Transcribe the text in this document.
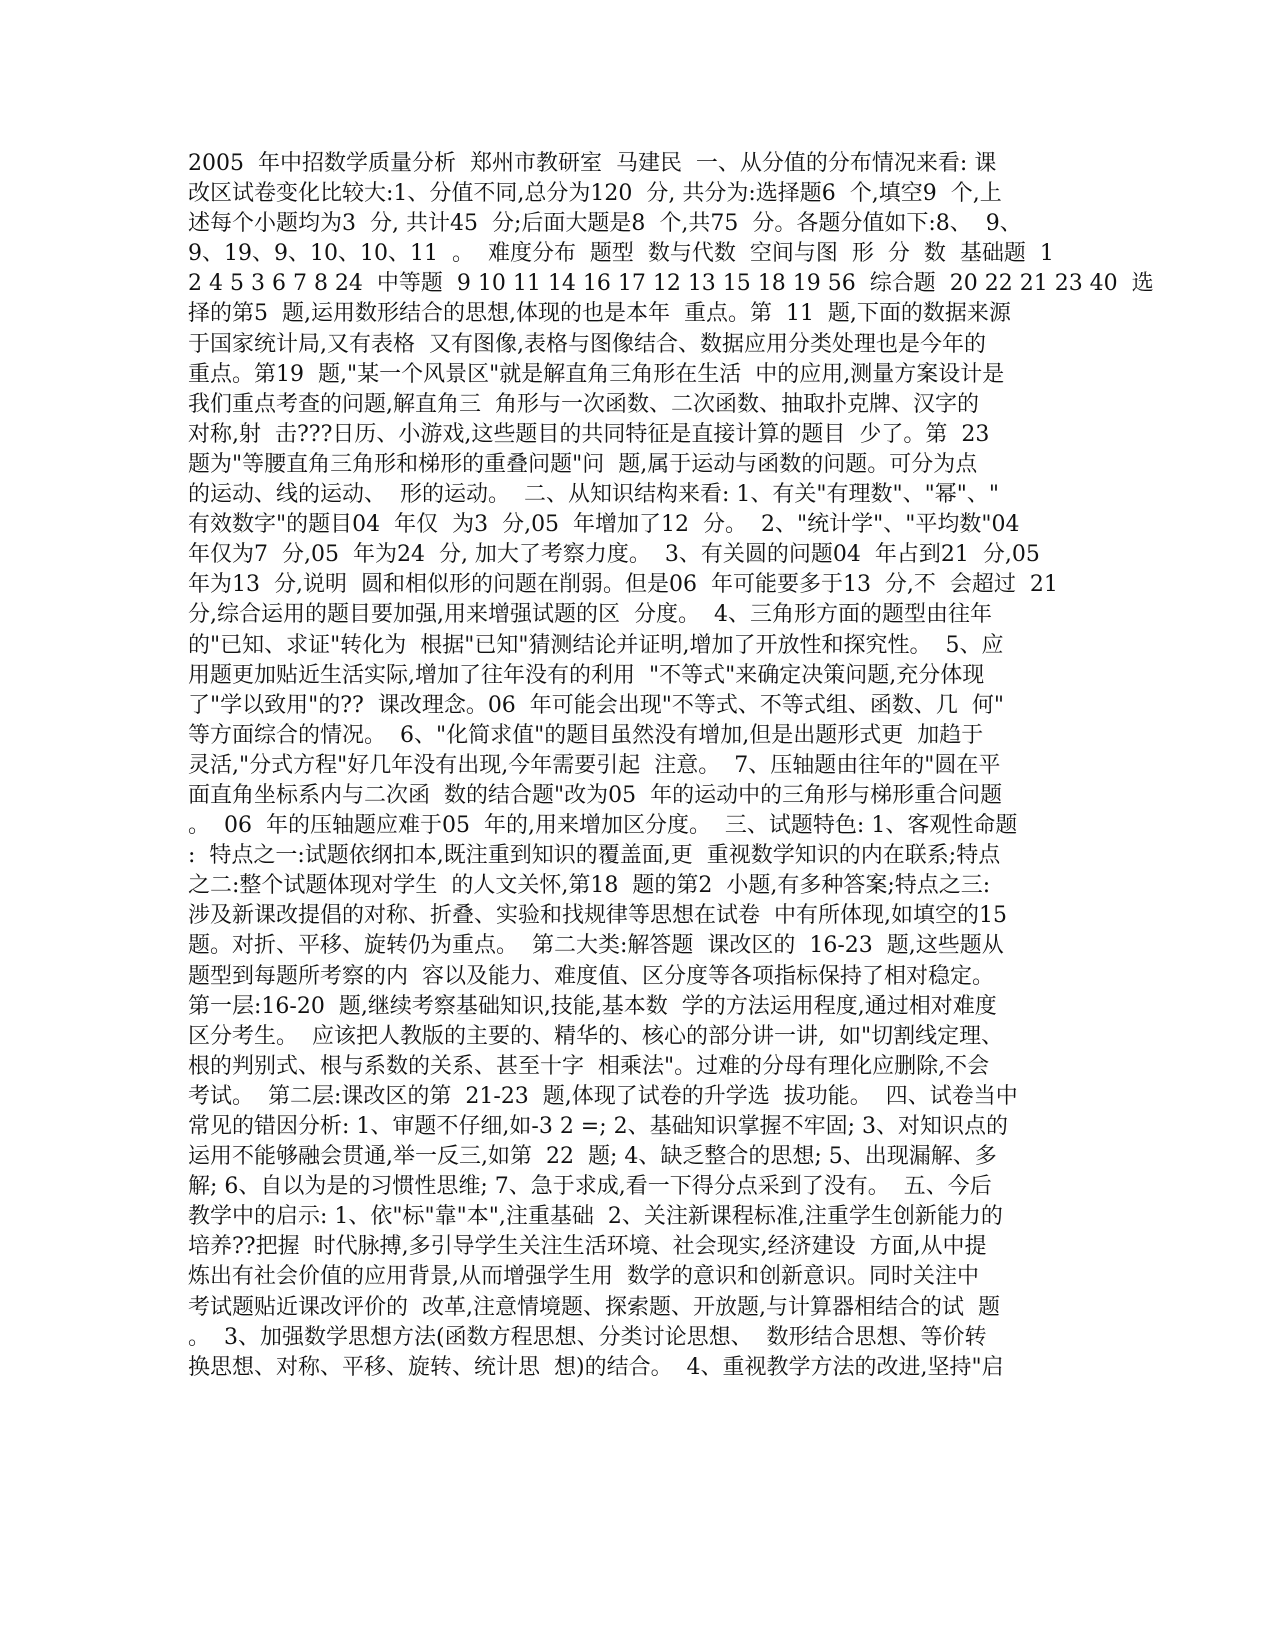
2005  年中招数学质量分析  郑州市教研室  马建民  一、从分值的分布情况来看: 课
改区试卷变化比较大:1、分值不同,总分为120  分, 共分为:选择题6  个,填空9  个,上
述每个小题均为3  分, 共计45  分;后面大题是8  个,共75  分。各题分值如下:8、  9、
9、19、9、10、10、11  。  难度分布  题型  数与代数  空间与图  形  分  数  基础题  1
2 4 5 3 6 7 8 24  中等题  9 10 11 14 16 17 12 13 15 18 19 56  综合题  20 22 21 23 40  选
择的第5  题,运用数形结合的思想,体现的也是本年  重点。第  11  题,下面的数据来源
于国家统计局,又有表格  又有图像,表格与图像结合、数据应用分类处理也是今年的
重点。第19  题,"某一个风景区"就是解直角三角形在生活  中的应用,测量方案设计是
我们重点考查的问题,解直角三  角形与一次函数、二次函数、抽取扑克牌、汉字的
对称,射  击???日历、小游戏,这些题目的共同特征是直接计算的题目  少了。第  23
题为"等腰直角三角形和梯形的重叠问题"问  题,属于运动与函数的问题。可分为点
的运动、线的运动、  形的运动。  二、从知识结构来看: 1、有关"有理数"、"幂"、"
有效数字"的题目04  年仅  为3  分,05  年增加了12  分。  2、"统计学"、"平均数"04
年仅为7  分,05  年为24  分, 加大了考察力度。  3、有关圆的问题04  年占到21  分,05
年为13  分,说明  圆和相似形的问题在削弱。但是06  年可能要多于13  分,不  会超过  21
分,综合运用的题目要加强,用来增强试题的区  分度。  4、三角形方面的题型由往年
的"已知、求证"转化为  根据"已知"猜测结论并证明,增加了开放性和探究性。  5、应
用题更加贴近生活实际,增加了往年没有的利用  "不等式"来确定决策问题,充分体现
了"学以致用"的??  课改理念。06  年可能会出现"不等式、不等式组、函数、几  何"
等方面综合的情况。  6、"化简求值"的题目虽然没有增加,但是出题形式更  加趋于
灵活,"分式方程"好几年没有出现,今年需要引起  注意。  7、压轴题由往年的"圆在平
面直角坐标系内与二次函  数的结合题"改为05  年的运动中的三角形与梯形重合问题
。  06  年的压轴题应难于05  年的,用来增加区分度。  三、试题特色: 1、客观性命题
:  特点之一:试题依纲扣本,既注重到知识的覆盖面,更  重视数学知识的内在联系;特点
之二:整个试题体现对学生  的人文关怀,第18  题的第2  小题,有多种答案;特点之三:
涉及新课改提倡的对称、折叠、实验和找规律等思想在试卷  中有所体现,如填空的15
题。对折、平移、旋转仍为重点。  第二大类:解答题  课改区的  16-23  题,这些题从
题型到每题所考察的内  容以及能力、难度值、区分度等各项指标保持了相对稳定。
第一层:16-20  题,继续考察基础知识,技能,基本数  学的方法运用程度,通过相对难度
区分考生。  应该把人教版的主要的、精华的、核心的部分讲一讲,  如"切割线定理、
根的判别式、根与系数的关系、甚至十字  相乘法"。过难的分母有理化应删除,不会
考试。  第二层:课改区的第  21-23  题,体现了试卷的升学选  拔功能。  四、试卷当中
常见的错因分析: 1、审题不仔细,如-3 2 =; 2、基础知识掌握不牢固; 3、对知识点的
运用不能够融会贯通,举一反三,如第  22  题; 4、缺乏整合的思想; 5、出现漏解、多
解; 6、自以为是的习惯性思维; 7、急于求成,看一下得分点采到了没有。  五、今后
教学中的启示: 1、依"标"靠"本",注重基础  2、关注新课程标准,注重学生创新能力的
培养??把握  时代脉搏,多引导学生关注生活环境、社会现实,经济建设  方面,从中提
炼出有社会价值的应用背景,从而增强学生用  数学的意识和创新意识。同时关注中
考试题贴近课改评价的  改革,注意情境题、探索题、开放题,与计算器相结合的试  题
。  3、加强数学思想方法(函数方程思想、分类讨论思想、  数形结合思想、等价转
换思想、对称、平移、旋转、统计思  想)的结合。  4、重视教学方法的改进,坚持"启
